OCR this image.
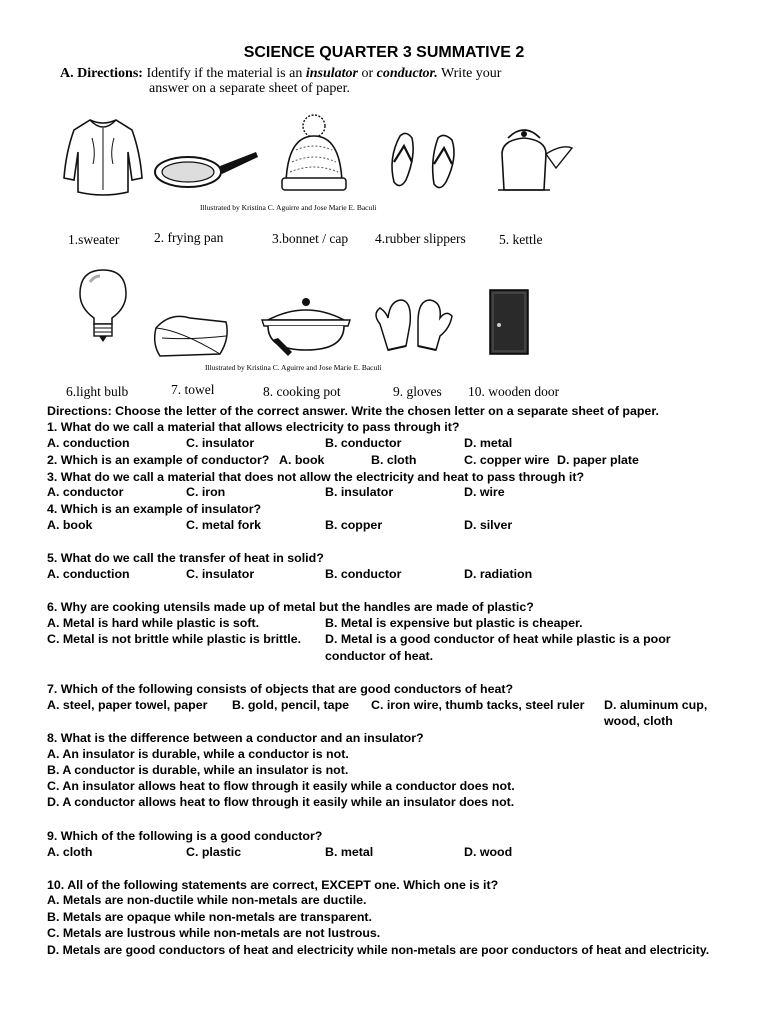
SCIENCE QUARTER 3 SUMMATIVE 2
A. Directions: Identify if the material is an insulator or conductor. Write your
answer on a separate sheet of paper.
Illustrated by Kristina C. Aguirre and Jose Marie E. Baculi
1.sweater	2. frying pan	3.bonnet / cap 4.rubber slippers 5. kettle
Illustrated by Kristina C. Aguirre and Jose Marie E. Baculi
6.light bulb	7. towel	8. cooking pot	9. gloves 10. wooden door
Directions: Choose the letter of the correct answer. Write the chosen letter on a separate sheet of paper.
1. What do we call a material that allows electricity to pass through it?
A. conduction	C. insulator	B. conductor	D. metal
2. Which is an example of conductor? A. book	B. cloth	C. copper wire D. paper plate
3. What do we call a material that does not allow the electricity and heat to pass through it?
A. conductor	C. iron	B. insulator	D. wire
4. Which is an example of insulator?
A. book	C. metal fork	B. copper	D. silver
5. What do we call the transfer of heat in solid?
A. conduction	C. insulator	B. conductor	D. radiation
6. Why are cooking utensils made up of metal but the handles are made of plastic?
A. Metal is hard while plastic is soft.	B. Metal is expensive but plastic is cheaper.
C. Metal is not brittle while plastic is brittle. D. Metal is a good conductor of heat while plastic is a poor
conductor of heat.
7. Which of the following consists of objects that are good conductors of heat?
A. steel, paper towel, paper B. gold, pencil, tape C. iron wire, thumb tacks, steel ruler D. aluminum cup,
wood, cloth
8. What is the difference between a conductor and an insulator?
A. An insulator is durable, while a conductor is not.
B. A conductor is durable, while an insulator is not.
C. An insulator allows heat to flow through it easily while a conductor does not.
D. A conductor allows heat to flow through it easily while an insulator does not.
9. Which of the following is a good conductor?
A. cloth	C. plastic	B. metal	D. wood
10. All of the following statements are correct, EXCEPT one. Which one is it?
A. Metals are non-ductile while non-metals are ductile.
B. Metals are opaque while non-metals are transparent.
C. Metals are lustrous while non-metals are not lustrous.
D. Metals are good conductors of heat and electricity while non-metals are poor conductors of heat and electricity.
